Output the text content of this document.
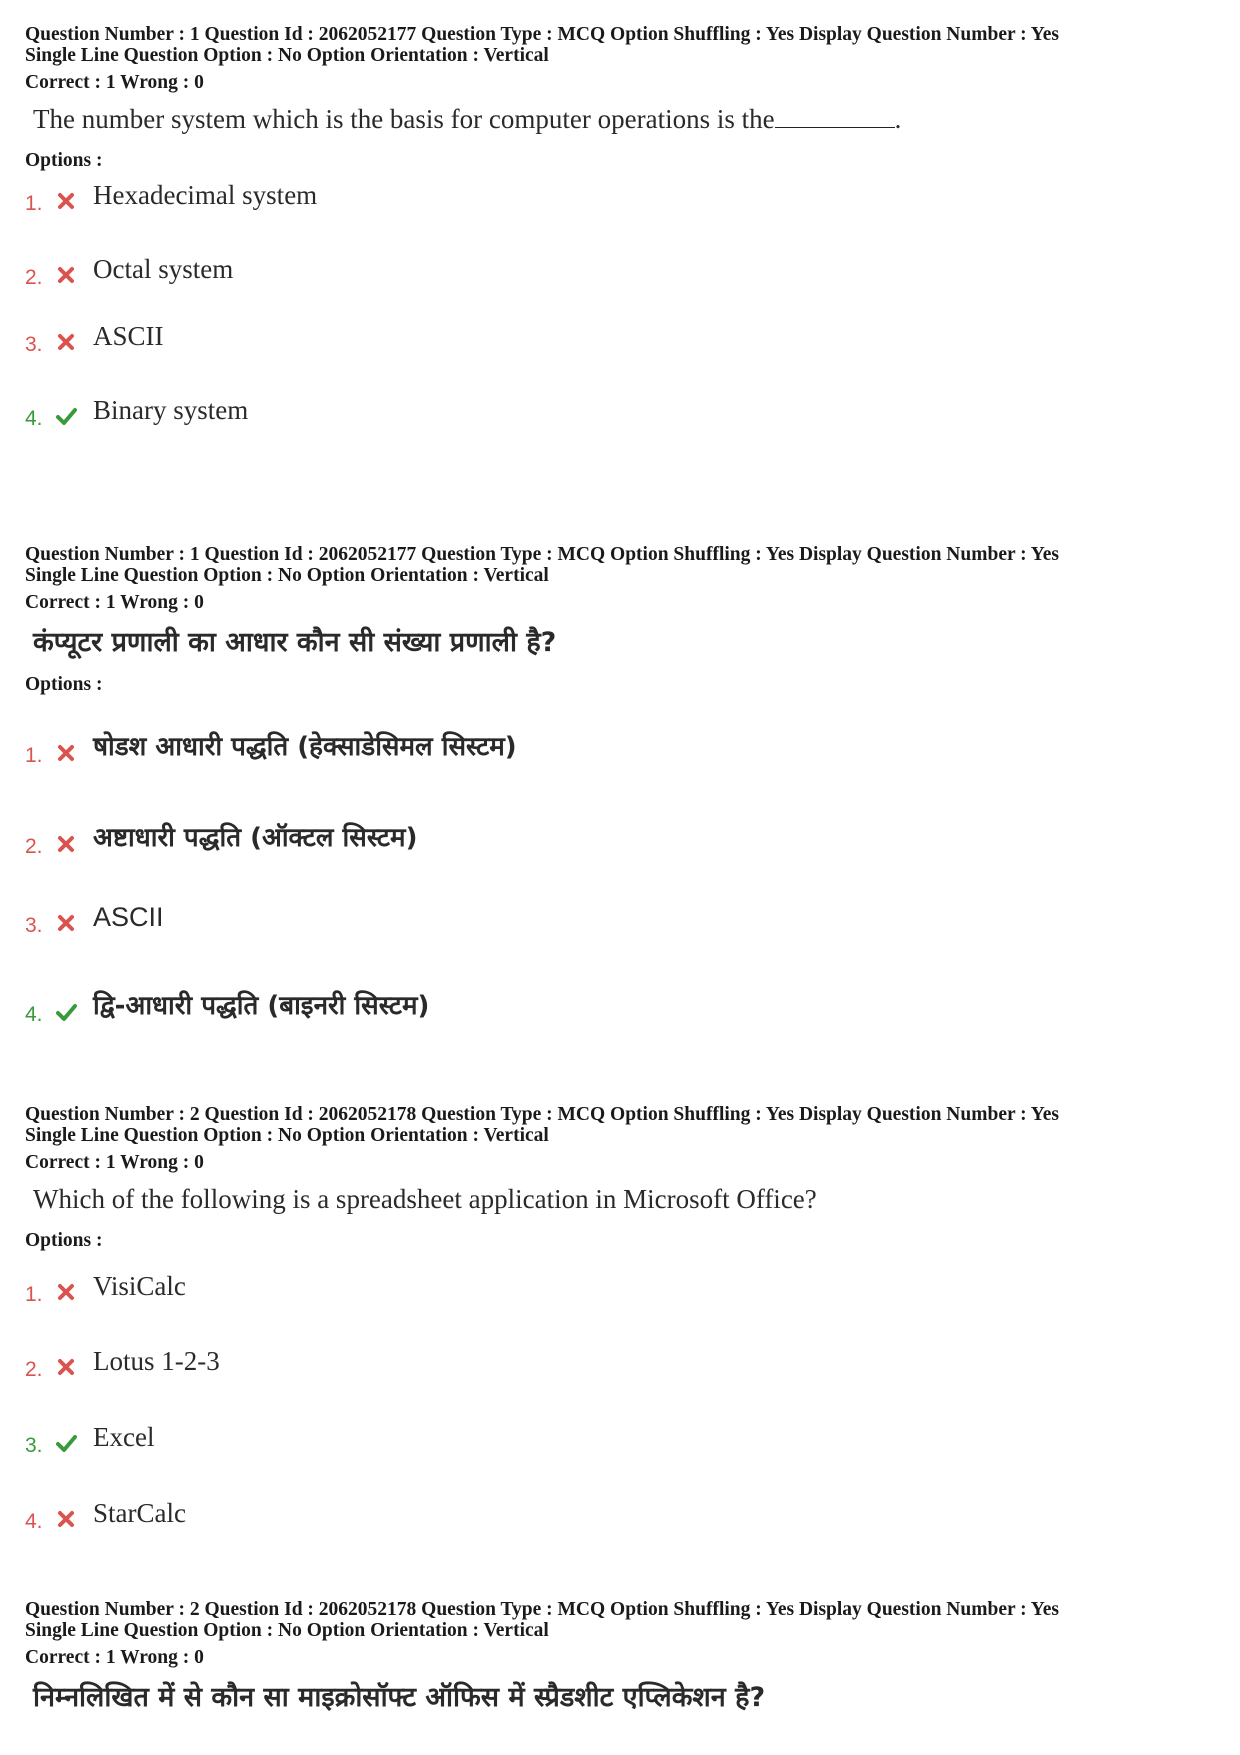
Question Number : 1 Question Id : 2062052177 Question Type : MCQ Option Shuffling : Yes Display Question Number : Yes

Single Line Question Option : No Option Orientation : Vertical

Correct : 1 Wrong : 0
The number system which is the basis for computer operations is the	.
Options :
1. Hexadecimal system
2. Octal system
3. ASCII
4. Binary system

Question Number : 1 Question Id : 2062052177 Question Type : MCQ Option Shuffling : Yes Display Question Number : Yes

Single Line Question Option : No Option Orientation : Vertical

Correct : 1 Wrong : 0
कंप्यूटर प्रणाली का आधार कौन सी संख्या प्रणाली है?
Options :
1. षोडश आधारी पद्धति (हेक्साडेसिमल सिस्टम)
2. अष्टाधारी पद्धति (ऑक्टल सिस्टम)
3. ASCII
4. द्वि-आधारी पद्धति (बाइनरी सिस्टम)

Question Number : 2 Question Id : 2062052178 Question Type : MCQ Option Shuffling : Yes Display Question Number : Yes

Single Line Question Option : No Option Orientation : Vertical

Correct : 1 Wrong : 0
Which of the following is a spreadsheet application in Microsoft Office?
Options :
1. VisiCalc
2. Lotus 1-2-3
3. Excel
4. StarCalc

Question Number : 2 Question Id : 2062052178 Question Type : MCQ Option Shuffling : Yes Display Question Number : Yes

Single Line Question Option : No Option Orientation : Vertical

Correct : 1 Wrong : 0
निम्नलिखित में से कौन सा माइक्रोसॉफ्ट ऑफिस में स्प्रैडशीट एप्लिकेशन है?
